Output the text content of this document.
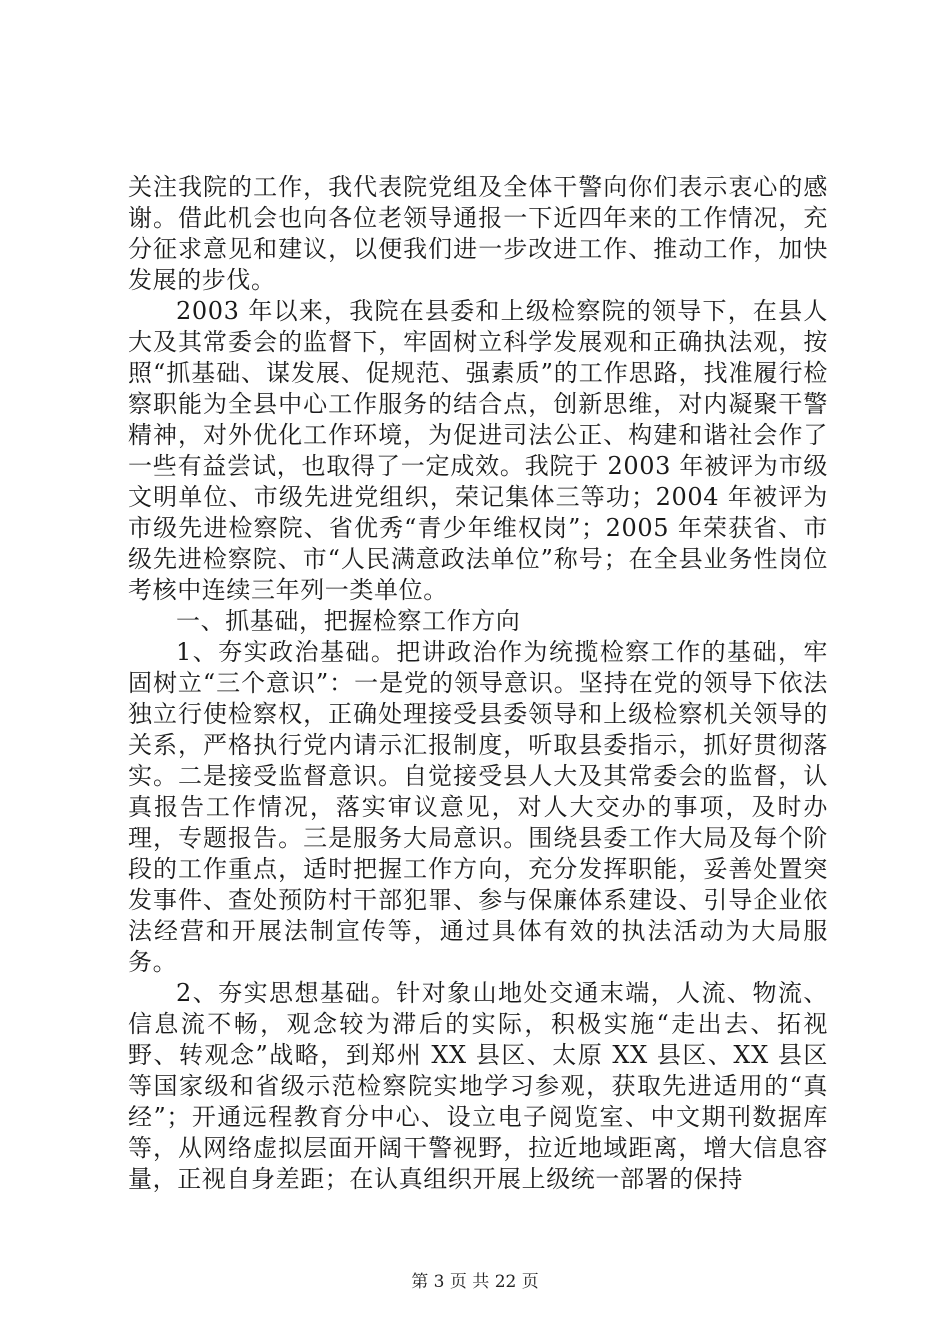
关注我院的工作，我代表院党组及全体干警向你们表示衷心的感谢。借此机会也向各位老领导通报一下近四年来的工作情况，充分征求意见和建议，以便我们进一步改进工作、推动工作，加快发展的步伐。

2003 年以来，我院在县委和上级检察院的领导下，在县人大及其常委会的监督下，牢固树立科学发展观和正确执法观，按照“抓基础、谋发展、促规范、强素质”的工作思路，找准履行检察职能为全县中心工作服务的结合点，创新思维，对内凝聚干警精神，对外优化工作环境，为促进司法公正、构建和谐社会作了一些有益尝试，也取得了一定成效。我院于 2003 年被评为市级文明单位、市级先进党组织，荣记集体三等功；2004 年被评为市级先进检察院、省优秀“青少年维权岗”；2005 年荣获省、市级先进检察院、市“人民满意政法单位”称号；在全县业务性岗位考核中连续三年列一类单位。

一、抓基础，把握检察工作方向

1、夯实政治基础。把讲政治作为统揽检察工作的基础，牢固树立“三个意识”：一是党的领导意识。坚持在党的领导下依法独立行使检察权，正确处理接受县委领导和上级检察机关领导的关系，严格执行党内请示汇报制度，听取县委指示，抓好贯彻落实。二是接受监督意识。自觉接受县人大及其常委会的监督，认真报告工作情况，落实审议意见，对人大交办的事项，及时办理，专题报告。三是服务大局意识。围绕县委工作大局及每个阶段的工作重点，适时把握工作方向，充分发挥职能，妥善处置突发事件、查处预防村干部犯罪、参与保廉体系建设、引导企业依法经营和开展法制宣传等，通过具体有效的执法活动为大局服务。

2、夯实思想基础。针对象山地处交通末端，人流、物流、信息流不畅，观念较为滞后的实际，积极实施“走出去、拓视野、转观念”战略，到郑州 XX 县区、太原 XX 县区、XX 县区等国家级和省级示范检察院实地学习参观，获取先进适用的“真经”；开通远程教育分中心、设立电子阅览室、中文期刊数据库等，从网络虚拟层面开阔干警视野，拉近地域距离，增大信息容量，正视自身差距；在认真组织开展上级统一部署的保持

第 3 页 共 22 页
